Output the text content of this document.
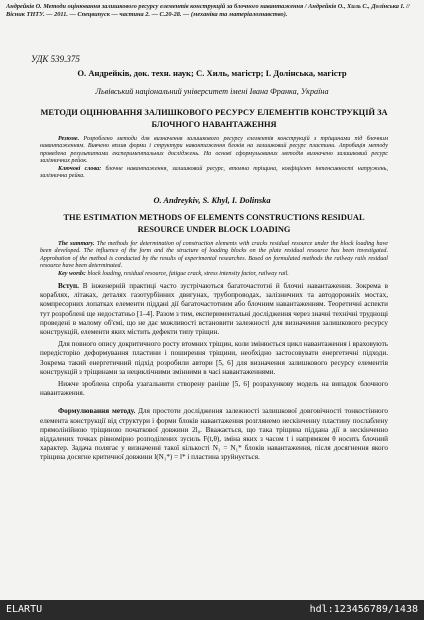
Андрейків О. Методи оцінювання залишкового ресурсу елементів конструкцій за блочного навантаження / Андрейків О., Хиль С., Долінська І. // Вісник ТНТУ. — 2011. — Спецвипуск — частина 2. — С.20-28. — (механіка та матеріалознавство).
УДК 539.375
О. Андрейків, док. техн. наук; С. Хиль, магістр; І. Долінська, магістр
Львівський національний університет імені Івана Франка, Україна
МЕТОДИ ОЦІНЮВАННЯ ЗАЛИШКОВОГО РЕСУРСУ ЕЛЕМЕНТІВ КОНСТРУКЦІЙ ЗА БЛОЧНОГО НАВАНТАЖЕННЯ
Резюме. Розроблено методи для визначення залишкового ресурсу елементів конструкцій з тріщинами під блочним навантаженням. Вивчено вплив форми і структури навантаження блоків на залишковий ресурс пластини. Апробація методу проведена результатами експериментальних досліджень. На основі сформульованих методів визначено залишковий ресурс залізничних рейок.
Ключові слова: блочне навантаження, залишковий ресурс, втомна тріщина, коефіцієнт інтенсивності напружень, залізнична рейка.
O. Andreykiv, S. Khyl, I. Dolinska
THE ESTIMATION METHODS OF ELEMENTS CONSTRUCTIONS RESIDUAL RESOURCE UNDER BLOCK LOADING
The summary. The methods for determination of construction elements with cracks residual resource under the block loading have been developed. The influence of the form and the structure of loading blocks on the plate residual resource has been investigated. Approbation of the method is conducted by the results of experimental researches. Based on formulated methods the railway rails residual resource have been determinated.
Key words: block loading, residual resource, fatigue crack, stress intensity factor, railway rail.

Вступ. В інженерній практиці часто зустрічаються багаточастотні й блочні навантаження. Зокрема в кораблях, літаках, деталях газотурбінних двигунах, трубопроводах, залізничних та автодорожніх мостах, компресорних лопатках елементи піддані дії багаточастотним або блочним навантаженням. Теоретичні аспекти тут розроблені ще недостатньо [1–4]. Разом з тим, експериментальні дослідження через значні технічні труднощі проведені в малому об'ємі, що не дає можливості встановити залежності для визначення залишкового ресурсу конструкцій, елементи яких містить дефекти типу тріщин.

Для повного опису докритичного росту втомних тріщин, коли змінюється цикл навантаження і враховують передісторію деформування пластини і поширення тріщини, необхідно застосовувати енергетичні підходи. Зокрема такий енергетичний підхід розробили автори [5, 6] для визначення залишкового ресурсу елементів конструкцій з тріщинами за нециклічними змінними в часі навантаженнями.

Нижче зроблена спроба узагальнити створену раніше [5, 6] розрахункову модель на випадок блочного навантаження.

Формулювання методу. Для простоти дослідження залежності залишкової довговічності тонкостінного елемента конструкції від структури і форми блоків навантаження розглянемо нескінченну пластину послаблену прямолінійною тріщиною початкової довжини 2l₀. Вважається, що така тріщина піддана дії в нескінченно віддалених точках рівномірно розподілених зусиль F(t,θ), зміна яких з часом t і напрямком θ носить блочний характер. Задача полягає у визначенні такої кількості N₁ = N₁* блоків навантаження, після досягнення якого тріщина досягне критичної довжини l(N₁*) = l* і пластина зруйнується.

ELARTU	hdl:123456789/1438
